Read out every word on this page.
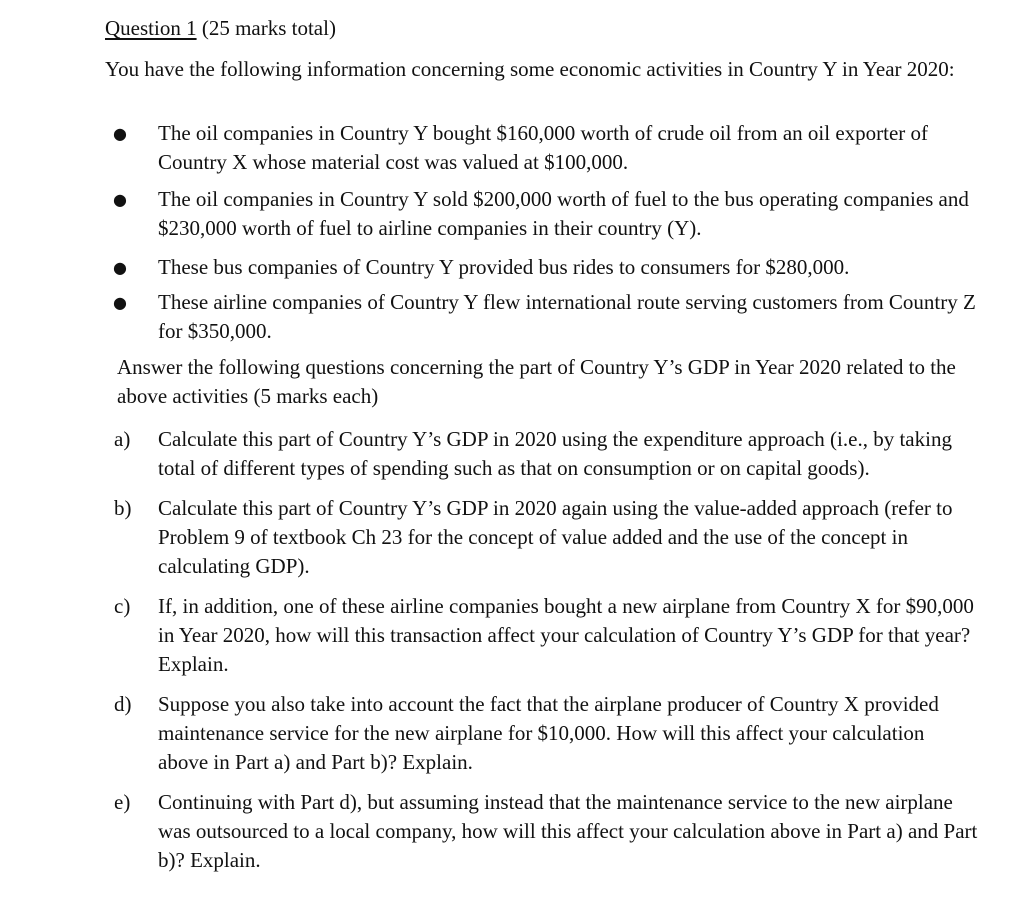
Question 1 (25 marks total)
You have the following information concerning some economic activities in Country Y in Year 2020:
● The oil companies in Country Y bought $160,000 worth of crude oil from an oil exporter of Country X whose material cost was valued at $100,000.
● The oil companies in Country Y sold $200,000 worth of fuel to the bus operating companies and $230,000 worth of fuel to airline companies in their country (Y).
● These bus companies of Country Y provided bus rides to consumers for $280,000.
● These airline companies of Country Y flew international route serving customers from Country Z for $350,000.
Answer the following questions concerning the part of Country Y’s GDP in Year 2020 related to the above activities (5 marks each)
a) Calculate this part of Country Y’s GDP in 2020 using the expenditure approach (i.e., by taking total of different types of spending such as that on consumption or on capital goods).
b) Calculate this part of Country Y’s GDP in 2020 again using the value-added approach (refer to Problem 9 of textbook Ch 23 for the concept of value added and the use of the concept in calculating GDP).
c) If, in addition, one of these airline companies bought a new airplane from Country X for $90,000 in Year 2020, how will this transaction affect your calculation of Country Y’s GDP for that year? Explain.
d) Suppose you also take into account the fact that the airplane producer of Country X provided maintenance service for the new airplane for $10,000. How will this affect your calculation above in Part a) and Part b)? Explain.
e) Continuing with Part d), but assuming instead that the maintenance service to the new airplane was outsourced to a local company, how will this affect your calculation above in Part a) and Part b)? Explain.
